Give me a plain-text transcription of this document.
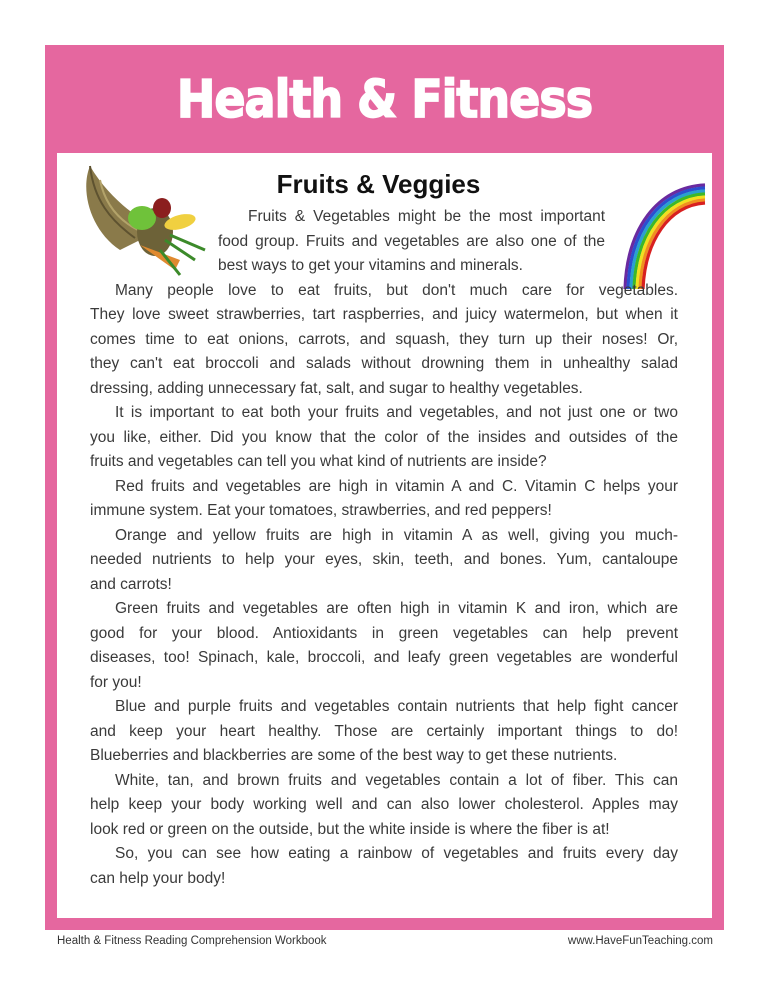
Health & Fitness
Fruits & Veggies
Fruits & Vegetables might be the most important
food group. Fruits and vegetables are also one of the
best ways to get your vitamins and minerals.
Many people love to eat fruits, but don't much care for vegetables.
They love sweet strawberries, tart raspberries, and juicy watermelon, but when it
comes time to eat onions, carrots, and squash, they turn up their noses! Or,
they can't eat broccoli and salads without drowning them in unhealthy salad
dressing, adding unnecessary fat, salt, and sugar to healthy vegetables.
It is important to eat both your fruits and vegetables, and not just one or two
you like, either. Did you know that the color of the insides and outsides of the
fruits and vegetables can tell you what kind of nutrients are inside?
Red fruits and vegetables are high in vitamin A and C. Vitamin C helps your
immune system. Eat your tomatoes, strawberries, and red peppers!
Orange and yellow fruits are high in vitamin A as well, giving you much-
needed nutrients to help your eyes, skin, teeth, and bones. Yum, cantaloupe
and carrots!
Green fruits and vegetables are often high in vitamin K and iron, which are
good for your blood. Antioxidants in green vegetables can help prevent
diseases, too! Spinach, kale, broccoli, and leafy green vegetables are wonderful
for you!
Blue and purple fruits and vegetables contain nutrients that help fight cancer
and keep your heart healthy. Those are certainly important things to do!
Blueberries and blackberries are some of the best way to get these nutrients.
White, tan, and brown fruits and vegetables contain a lot of fiber. This can
help keep your body working well and can also lower cholesterol. Apples may
look red or green on the outside, but the white inside is where the fiber is at!
So, you can see how eating a rainbow of vegetables and fruits every day
can help your body!
Health & Fitness Reading Comprehension Workbook	www.HaveFunTeaching.com
